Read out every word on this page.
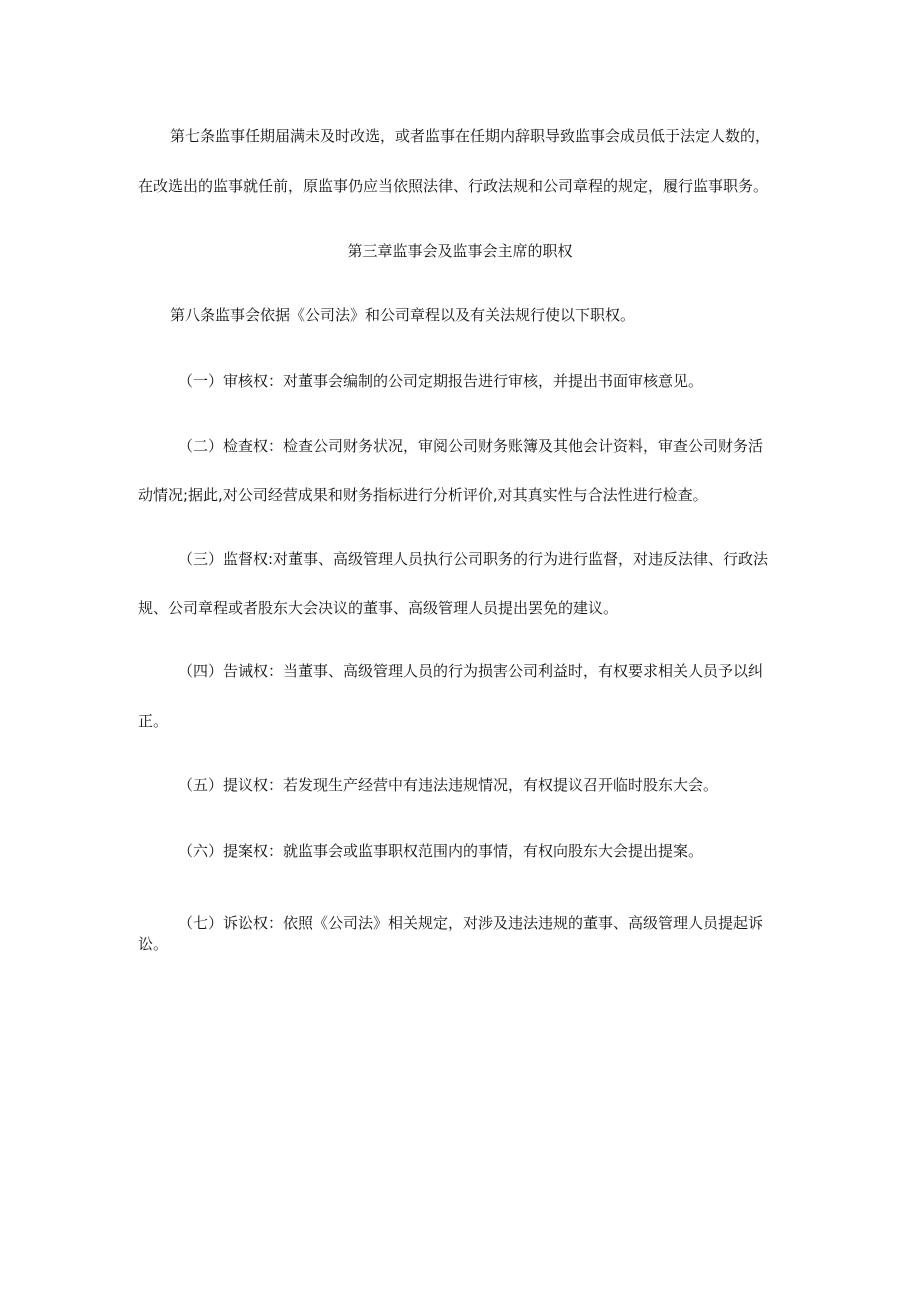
第七条监事任期届满未及时改选，或者监事在任期内辞职导致监事会成员低于法定人数的，

在改选出的监事就任前，原监事仍应当依照法律、行政法规和公司章程的规定，履行监事职务。

第三章监事会及监事会主席的职权

第八条监事会依据《公司法》和公司章程以及有关法规行使以下职权。

（一）审核权：对董事会编制的公司定期报告进行审核，并提出书面审核意见。

（二）检查权：检查公司财务状况，审阅公司财务账簿及其他会计资料，审查公司财务活

动情况;据此,对公司经营成果和财务指标进行分析评价,对其真实性与合法性进行检查。

（三）监督权:对董事、高级管理人员执行公司职务的行为进行监督，对违反法律、行政法

规、公司章程或者股东大会决议的董事、高级管理人员提出罢免的建议。

（四）告诫权：当董事、高级管理人员的行为损害公司利益时，有权要求相关人员予以纠

正。

（五）提议权：若发现生产经营中有违法违规情况，有权提议召开临时股东大会。

（六）提案权：就监事会或监事职权范围内的事情，有权向股东大会提出提案。

（七）诉讼权：依照《公司法》相关规定，对涉及违法违规的董事、高级管理人员提起诉

讼。
